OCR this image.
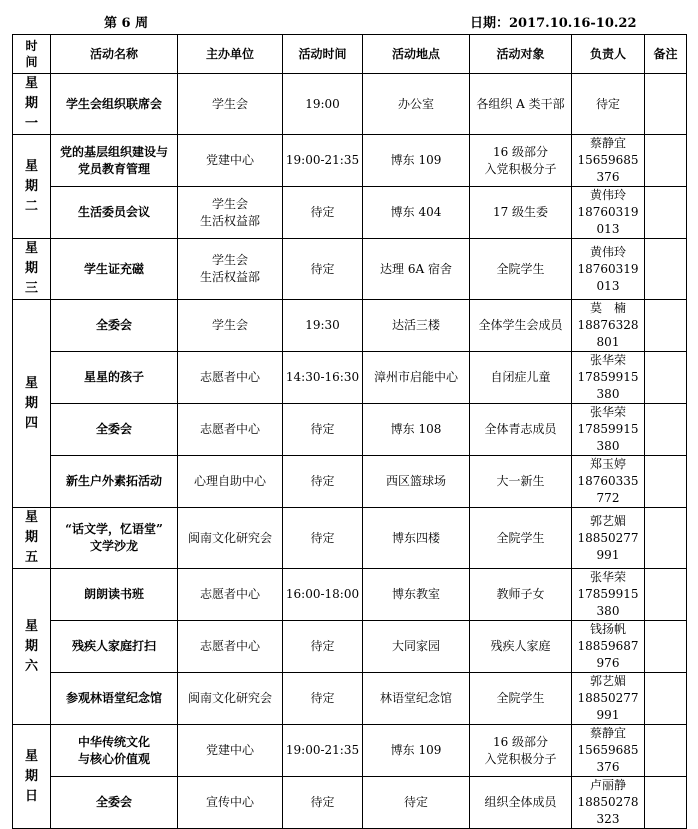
第 6 周	日期：2017.10.16-10.22
时间	活动名称	主办单位	活动时间	活动地点	活动对象	负责人	备注
星期一	学生会组织联席会	学生会	19:00	办公室	各组织 A 类干部	待定	

星期二	党的基层组织建设与
党员教育管理	党建中心	19:00-21:35	博东 109	16 级部分
入党积极分子	蔡静宜
15659685376	

	生活委员会议	学生会
生活权益部	待定	博东 404	17 级生委	黄伟玲
18760319013	

星期三	学生证充磁	学生会
生活权益部	待定	达理 6A 宿舍	全院学生	黄伟玲
18760319013	

星期四	全委会	学生会	19:30	达活三楼	全体学生会成员	莫　楠
18876328801	

	星星的孩子	志愿者中心	14:30-16:30	漳州市启能中心	自闭症儿童	张华荣
17859915380	

	全委会	志愿者中心	待定	博东 108	全体青志成员	张华荣
17859915380	

	新生户外素拓活动	心理自助中心	待定	西区篮球场	大一新生	郑玉婷
18760335772	

星期五	“话文学，忆语堂”
文学沙龙	闽南文化研究会	待定	博东四楼	全院学生	郭艺媚
18850277991	

星期六	朗朗读书班	志愿者中心	16:00-18:00	博东教室	教师子女	张华荣
17859915380	

	残疾人家庭打扫	志愿者中心	待定	大同家园	残疾人家庭	钱扬帆
18859687976	

	参观林语堂纪念馆	闽南文化研究会	待定	林语堂纪念馆	全院学生	郭艺媚
18850277991	

星期日	中华传统文化
与核心价值观	党建中心	19:00-21:35	博东 109	16 级部分
入党积极分子	蔡静宜
15659685376	

	全委会	宣传中心	待定	待定	组织全体成员	卢丽静
18850278323	
